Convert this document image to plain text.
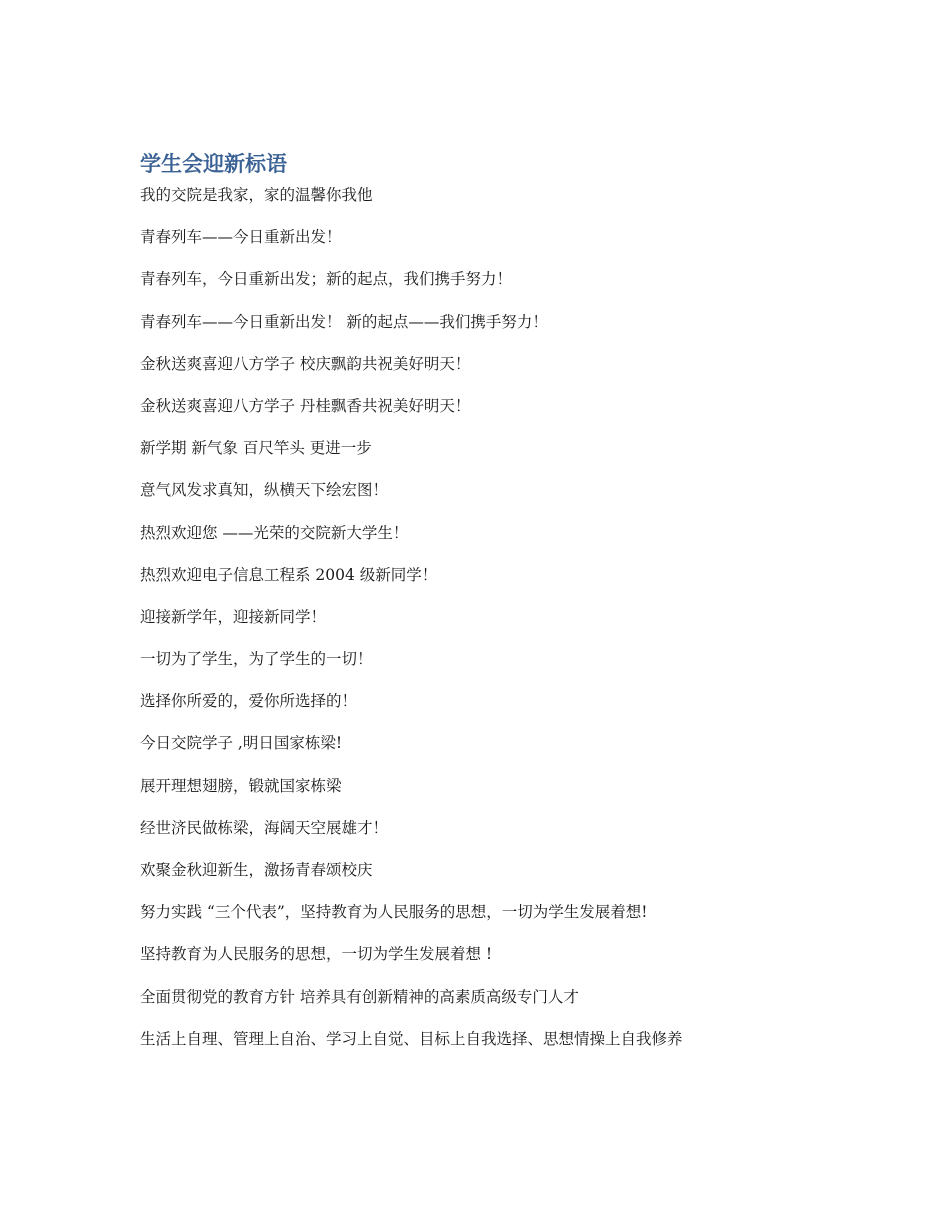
学生会迎新标语
我的交院是我家，家的温馨你我他
青春列车——今日重新出发！
青春列车，今日重新出发；新的起点，我们携手努力！
青春列车——今日重新出发！ 新的起点——我们携手努力！
金秋送爽喜迎八方学子 校庆飘韵共祝美好明天！
金秋送爽喜迎八方学子 丹桂飘香共祝美好明天！
新学期 新气象 百尺竿头 更进一步
意气风发求真知，纵横天下绘宏图！
热烈欢迎您 ——光荣的交院新大学生！
热烈欢迎电子信息工程系 2004 级新同学！
迎接新学年，迎接新同学！
一切为了学生，为了学生的一切！
选择你所爱的，爱你所选择的！
今日交院学子 ,明日国家栋梁!
展开理想翅膀，锻就国家栋梁
经世济民做栋梁，海阔天空展雄才！
欢聚金秋迎新生，激扬青春颂校庆
努力实践 “三个代表”，坚持教育为人民服务的思想，一切为学生发展着想!
坚持教育为人民服务的思想，一切为学生发展着想 !
全面贯彻党的教育方针 培养具有创新精神的高素质高级专门人才
生活上自理、管理上自治、学习上自觉、目标上自我选择、思想情操上自我修养
